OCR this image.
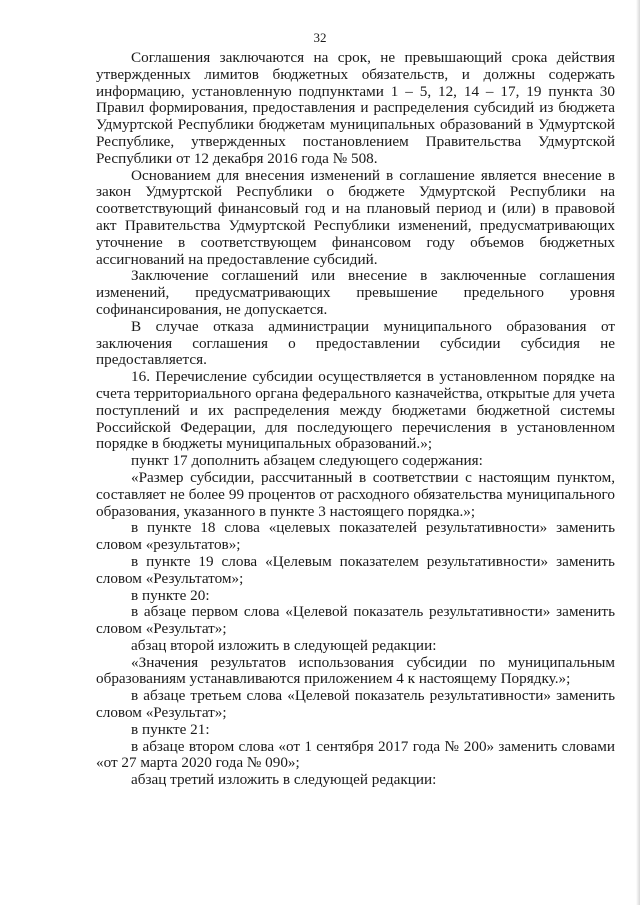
32

Соглашения заключаются на срок, не превышающий срока действия утвержденных лимитов бюджетных обязательств, и должны содержать информацию, установленную подпунктами 1 – 5, 12, 14 – 17, 19 пункта 30 Правил формирования, предоставления и распределения субсидий из бюджета Удмуртской Республики бюджетам муниципальных образований в Удмуртской Республике, утвержденных постановлением Правительства Удмуртской Республики от 12 декабря 2016 года № 508.

Основанием для внесения изменений в соглашение является внесение в закон Удмуртской Республики о бюджете Удмуртской Республики на соответствующий финансовый год и на плановый период и (или) в правовой акт Правительства Удмуртской Республики изменений, предусматривающих уточнение в соответствующем финансовом году объемов бюджетных ассигнований на предоставление субсидий.

Заключение соглашений или внесение в заключенные соглашения изменений, предусматривающих превышение предельного уровня софинансирования, не допускается.

В случае отказа администрации муниципального образования от заключения соглашения о предоставлении субсидии субсидия не предоставляется.

16. Перечисление субсидии осуществляется в установленном порядке на счета территориального органа федерального казначейства, открытые для учета поступлений и их распределения между бюджетами бюджетной системы Российской Федерации, для последующего перечисления в установленном порядке в бюджеты муниципальных образований.»;

пункт 17 дополнить абзацем следующего содержания:

«Размер субсидии, рассчитанный в соответствии с настоящим пунктом, составляет не более 99 процентов от расходного обязательства муниципального образования, указанного в пункте 3 настоящего порядка.»;

в пункте 18 слова «целевых показателей результативности» заменить словом «результатов»;

в пункте 19 слова «Целевым показателем результативности» заменить словом «Результатом»;

в пункте 20:

в абзаце первом слова «Целевой показатель результативности» заменить словом «Результат»;

абзац второй изложить в следующей редакции:

«Значения результатов использования субсидии по муниципальным образованиям устанавливаются приложением 4 к настоящему Порядку.»;

в абзаце третьем слова «Целевой показатель результативности» заменить словом «Результат»;

в пункте 21:

в абзаце втором слова «от 1 сентября 2017 года № 200» заменить словами «от 27 марта 2020 года № 090»;

абзац третий изложить в следующей редакции:
